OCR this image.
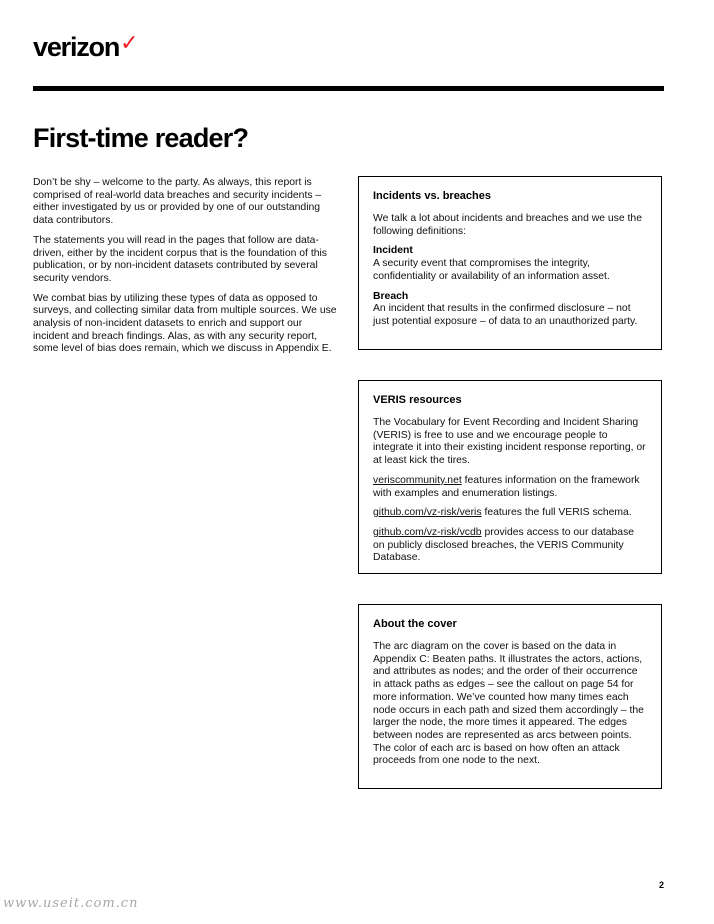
verizon✓
First-time reader?

Don’t be shy – welcome to the party. As always, this report is comprised of real-world data breaches and security incidents – either investigated by us or provided by one of our outstanding data contributors.

The statements you will read in the pages that follow are data-driven, either by the incident corpus that is the foundation of this publication, or by non-incident datasets contributed by several security vendors.

We combat bias by utilizing these types of data as opposed to surveys, and collecting similar data from multiple sources. We use analysis of non-incident datasets to enrich and support our incident and breach findings. Alas, as with any security report, some level of bias does remain, which we discuss in Appendix E.

Incidents vs. breaches

We talk a lot about incidents and breaches and we use the following definitions:

Incident
A security event that compromises the integrity, confidentiality or availability of an information asset.

Breach
An incident that results in the confirmed disclosure – not just potential exposure – of data to an unauthorized party.

VERIS resources

The Vocabulary for Event Recording and Incident Sharing (VERIS) is free to use and we encourage people to integrate it into their existing incident response reporting, or at least kick the tires.

veriscommunity.net features information on the framework with examples and enumeration listings.

github.com/vz-risk/veris features the full VERIS schema.

github.com/vz-risk/vcdb provides access to our database on publicly disclosed breaches, the VERIS Community Database.

About the cover

The arc diagram on the cover is based on the data in Appendix C: Beaten paths. It illustrates the actors, actions, and attributes as nodes; and the order of their occurrence in attack paths as edges – see the callout on page 54 for more information. We’ve counted how many times each node occurs in each path and sized them accordingly – the larger the node, the more times it appeared. The edges between nodes are represented as arcs between points. The color of each arc is based on how often an attack proceeds from one node to the next.

2
www.useit.com.cn
